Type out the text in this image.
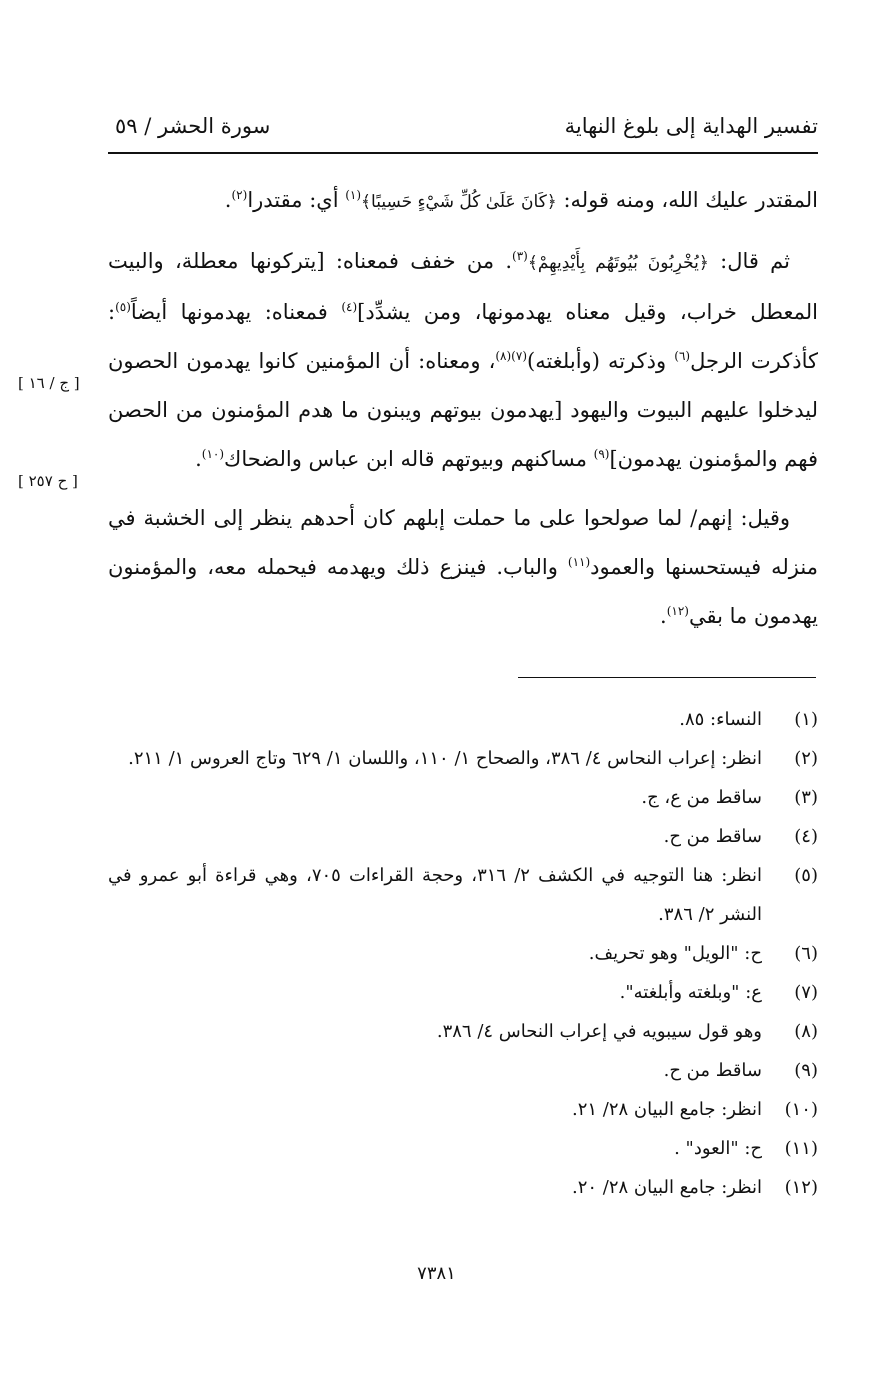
تفسير الهداية إلى بلوغ النهاية
سورة الحشر / ٥٩
[ ج / ١٦ ]
[ ح ٢٥٧ ]

المقتدر عليك الله، ومنه قوله: ﴿كَانَ عَلَىٰ كُلِّ شَيْءٍ حَسِيبًا﴾$^{(١)}$ أي: مقتدرا$^{(٢)}$.

ثم قال: ﴿يُخْرِبُونَ بُيُوتَهُم بِأَيْدِيهِمْ﴾$^{(٣)}$. من خفف فمعناه: [يتركونها معطلة، والبيت المعطل خراب، وقيل معناه يهدمونها، ومن يشدِّد]$^{(٤)}$ فمعناه: يهدمونها أيضاً$^{(٥)}$: كأذكرت الرجل$^{(٦)}$ وذكرته (وأبلغته)$^{(٧)(٨)}$، ومعناه: أن المؤمنين كانوا يهدمون الحصون ليدخلوا عليهم البيوت واليهود [يهدمون بيوتهم ويبنون ما هدم المؤمنون من الحصن فهم والمؤمنون يهدمون]$^{(٩)}$ مساكنهم وبيوتهم قاله ابن عباس والضحاك$^{(١٠)}$.

وقيل: إنهم/ لما صولحوا على ما حملت إبلهم كان أحدهم ينظر إلى الخشبة في منزله فيستحسنها والعمود$^{(١١)}$ والباب. فينزع ذلك ويهدمه فيحمله معه، والمؤمنون يهدمون ما بقي$^{(١٢)}$.

(١)
النساء: ٨٥.
(٢)
انظر: إعراب النحاس ٤/ ٣٨٦، والصحاح ١/ ١١٠، واللسان ١/ ٦٢٩ وتاج العروس ١/ ٢١١.
(٣)
ساقط من ع، ج.
(٤)
ساقط من ح.
(٥)
انظر: هنا التوجيه في الكشف ٢/ ٣١٦، وحجة القراءات ٧٠٥، وهي قراءة أبو عمرو في النشر ٢/ ٣٨٦.
(٦)
ح: "الويل" وهو تحريف.
(٧)
ع: "وبلغته وأبلغته".
(٨)
وهو قول سيبويه في إعراب النحاس ٤/ ٣٨٦.
(٩)
ساقط من ح.
(١٠)
انظر: جامع البيان ٢٨/ ٢١.
(١١)
ح: "العود" .
(١٢)
انظر: جامع البيان ٢٨/ ٢٠.
٧٣٨١
